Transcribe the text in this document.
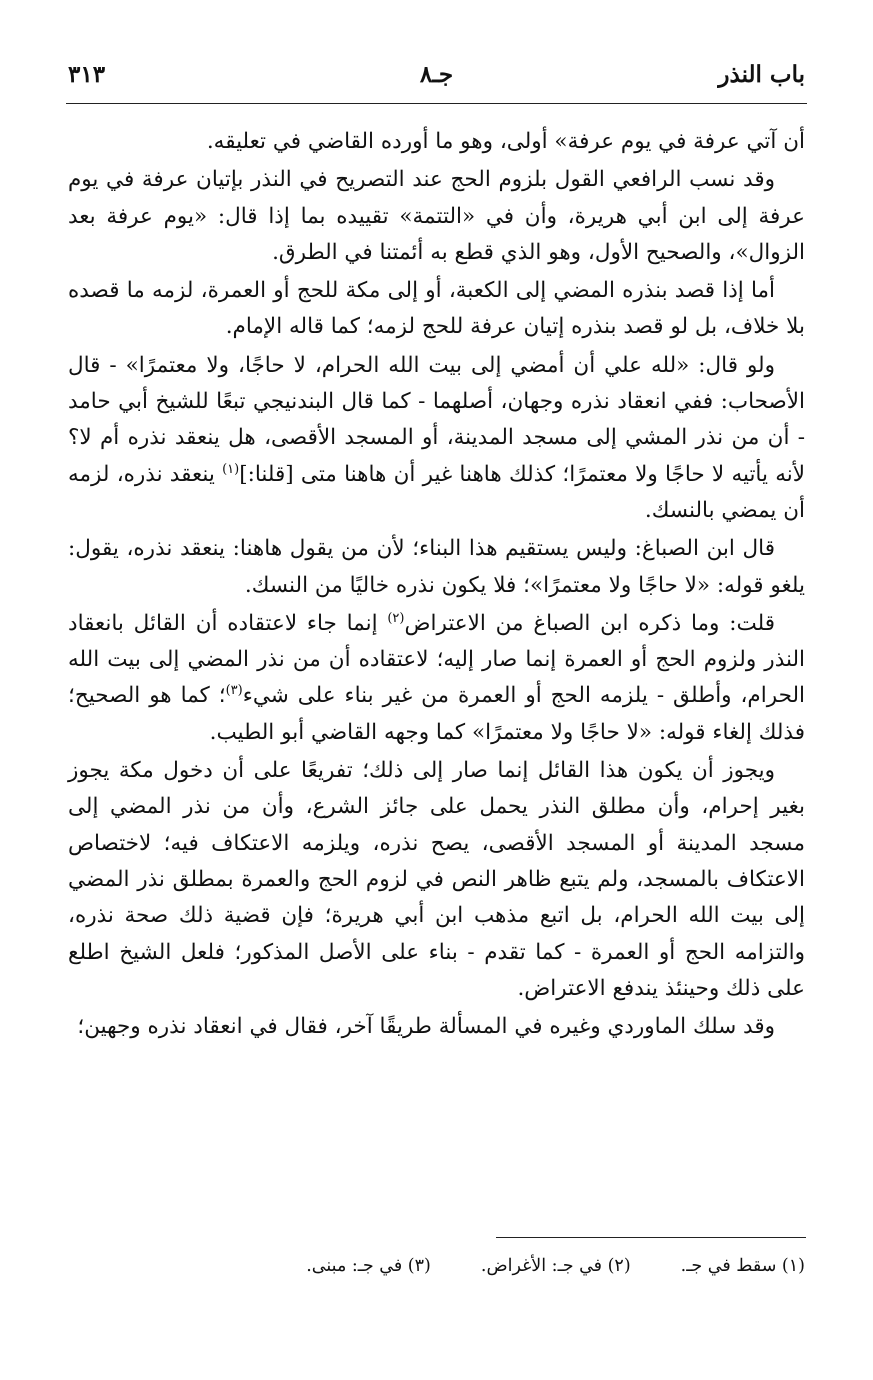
باب النذر
جـ٨
٣١٣

أن آتي عرفة في يوم عرفة» أولى، وهو ما أورده القاضي في تعليقه.

وقد نسب الرافعي القول بلزوم الحج عند التصريح في النذر بإتيان عرفة في يوم عرفة إلى ابن أبي هريرة، وأن في «التتمة» تقييده بما إذا قال: «يوم عرفة بعد الزوال»، والصحيح الأول، وهو الذي قطع به أئمتنا في الطرق.

أما إذا قصد بنذره المضي إلى الكعبة، أو إلى مكة للحج أو العمرة، لزمه ما قصده بلا خلاف، بل لو قصد بنذره إتيان عرفة للحج لزمه؛ كما قاله الإمام.

ولو قال: «لله علي أن أمضي إلى بيت الله الحرام، لا حاجًا، ولا معتمرًا» - قال الأصحاب: ففي انعقاد نذره وجهان، أصلهما - كما قال البندنيجي تبعًا للشيخ أبي حامد - أن من نذر المشي إلى مسجد المدينة، أو المسجد الأقصى، هل ينعقد نذره أم لا؟ لأنه يأتيه لا حاجًا ولا معتمرًا؛ كذلك هاهنا غير أن هاهنا متى [قلنا:]$^{(١)}$ ينعقد نذره، لزمه أن يمضي بالنسك.

قال ابن الصباغ: وليس يستقيم هذا البناء؛ لأن من يقول هاهنا: ينعقد نذره، يقول: يلغو قوله: «لا حاجًا ولا معتمرًا»؛ فلا يكون نذره خاليًا من النسك.

قلت: وما ذكره ابن الصباغ من الاعتراض$^{(٢)}$ إنما جاء لاعتقاده أن القائل بانعقاد النذر ولزوم الحج أو العمرة إنما صار إليه؛ لاعتقاده أن من نذر المضي إلى بيت الله الحرام، وأطلق - يلزمه الحج أو العمرة من غير بناء على شيء$^{(٣)}$؛ كما هو الصحيح؛ فذلك إلغاء قوله: «لا حاجًا ولا معتمرًا» كما وجهه القاضي أبو الطيب.

ويجوز أن يكون هذا القائل إنما صار إلى ذلك؛ تفريعًا على أن دخول مكة يجوز بغير إحرام، وأن مطلق النذر يحمل على جائز الشرع، وأن من نذر المضي إلى مسجد المدينة أو المسجد الأقصى، يصح نذره، ويلزمه الاعتكاف فيه؛ لاختصاص الاعتكاف بالمسجد، ولم يتبع ظاهر النص في لزوم الحج والعمرة بمطلق نذر المضي إلى بيت الله الحرام، بل اتبع مذهب ابن أبي هريرة؛ فإن قضية ذلك صحة نذره، والتزامه الحج أو العمرة - كما تقدم - بناء على الأصل المذكور؛ فلعل الشيخ اطلع على ذلك وحينئذ يندفع الاعتراض.

وقد سلك الماوردي وغيره في المسألة طريقًا آخر، فقال في انعقاد نذره وجهين؛

(١) سقط في جـ.(٢) في جـ: الأغراض.(٣) في جـ: مبنى.
